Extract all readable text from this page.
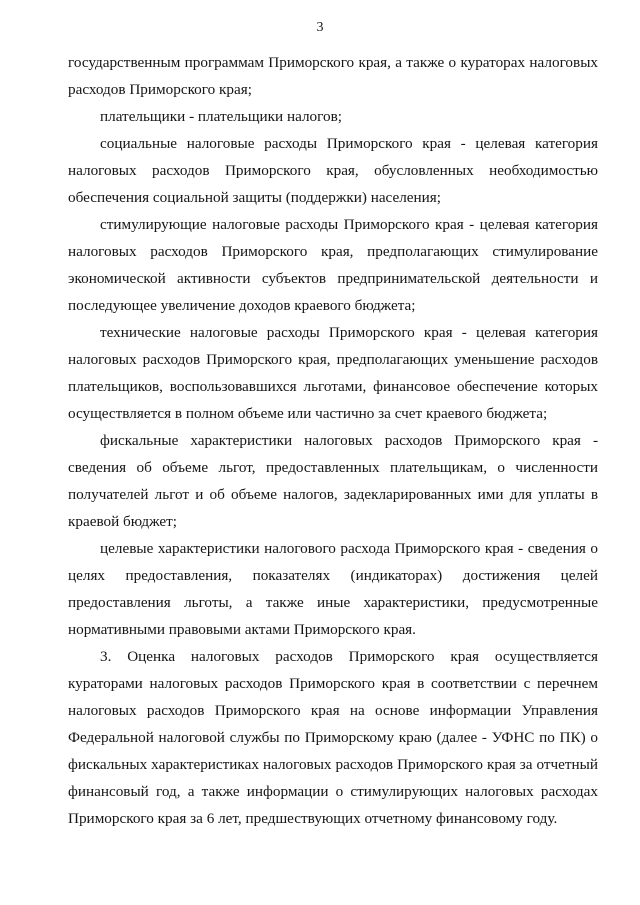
3

государственным программам Приморского края, а также о кураторах налоговых расходов Приморского края;

плательщики - плательщики налогов;

социальные налоговые расходы Приморского края - целевая категория налоговых расходов Приморского края, обусловленных необходимостью обеспечения социальной защиты (поддержки) населения;

стимулирующие налоговые расходы Приморского края - целевая категория налоговых расходов Приморского края, предполагающих стимулирование экономической активности субъектов предпринимательской деятельности и последующее увеличение доходов краевого бюджета;

технические налоговые расходы Приморского края - целевая категория налоговых расходов Приморского края, предполагающих уменьшение расходов плательщиков, воспользовавшихся льготами, финансовое обеспечение которых осуществляется в полном объеме или частично за счет краевого бюджета;

фискальные характеристики налоговых расходов Приморского края - сведения об объеме льгот, предоставленных плательщикам, о численности получателей льгот и об объеме налогов, задекларированных ими для уплаты в краевой бюджет;

целевые характеристики налогового расхода Приморского края - сведения о целях предоставления, показателях (индикаторах) достижения целей предоставления льготы, а также иные характеристики, предусмотренные нормативными правовыми актами Приморского края.

3. Оценка налоговых расходов Приморского края осуществляется кураторами налоговых расходов Приморского края в соответствии с перечнем налоговых расходов Приморского края на основе информации Управления Федеральной налоговой службы по Приморскому краю (далее - УФНС по ПК) о фискальных характеристиках налоговых расходов Приморского края за отчетный финансовый год, а также информации о стимулирующих налоговых расходах Приморского края за 6 лет, предшествующих отчетному финансовому году.
